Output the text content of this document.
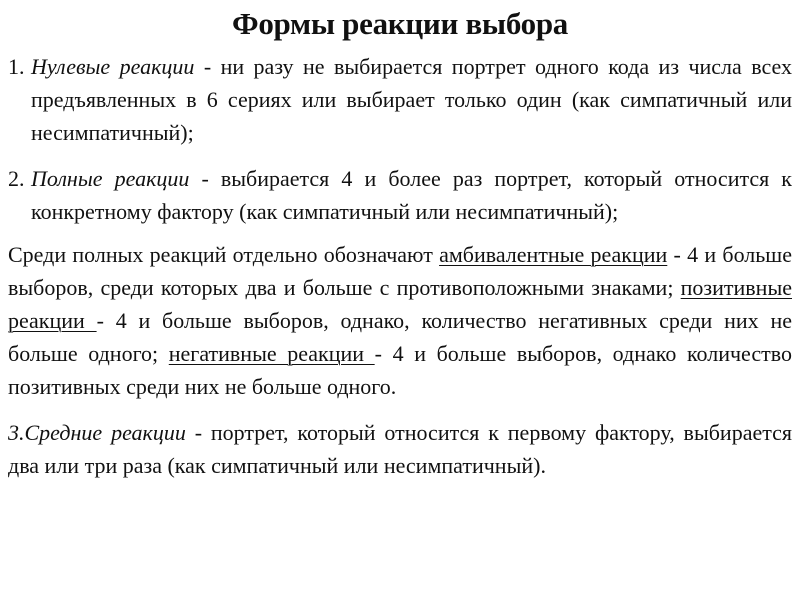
Формы реакции выбора
1. Нулевые реакции - ни разу не выбирается портрет одного кода из числа всех предъявленных в 6 сериях или выбирает только один (как симпатичный или несимпатичный);
2. Полные реакции - выбирается 4 и более раз портрет, который относится к конкретному фактору (как симпатичный или несимпатичный);

Среди полных реакций отдельно обозначают амбивалентные реакции - 4 и больше выборов, среди которых два и больше с противоположными знаками; позитивные реакции - 4 и больше выборов, однако, количество негативных среди них не больше одного; негативные реакции - 4 и больше выборов, однако количество позитивных среди них не больше одного.

3.Средние реакции - портрет, который относится к первому фактору, выбирается два или три раза (как симпатичный или несимпатичный).
